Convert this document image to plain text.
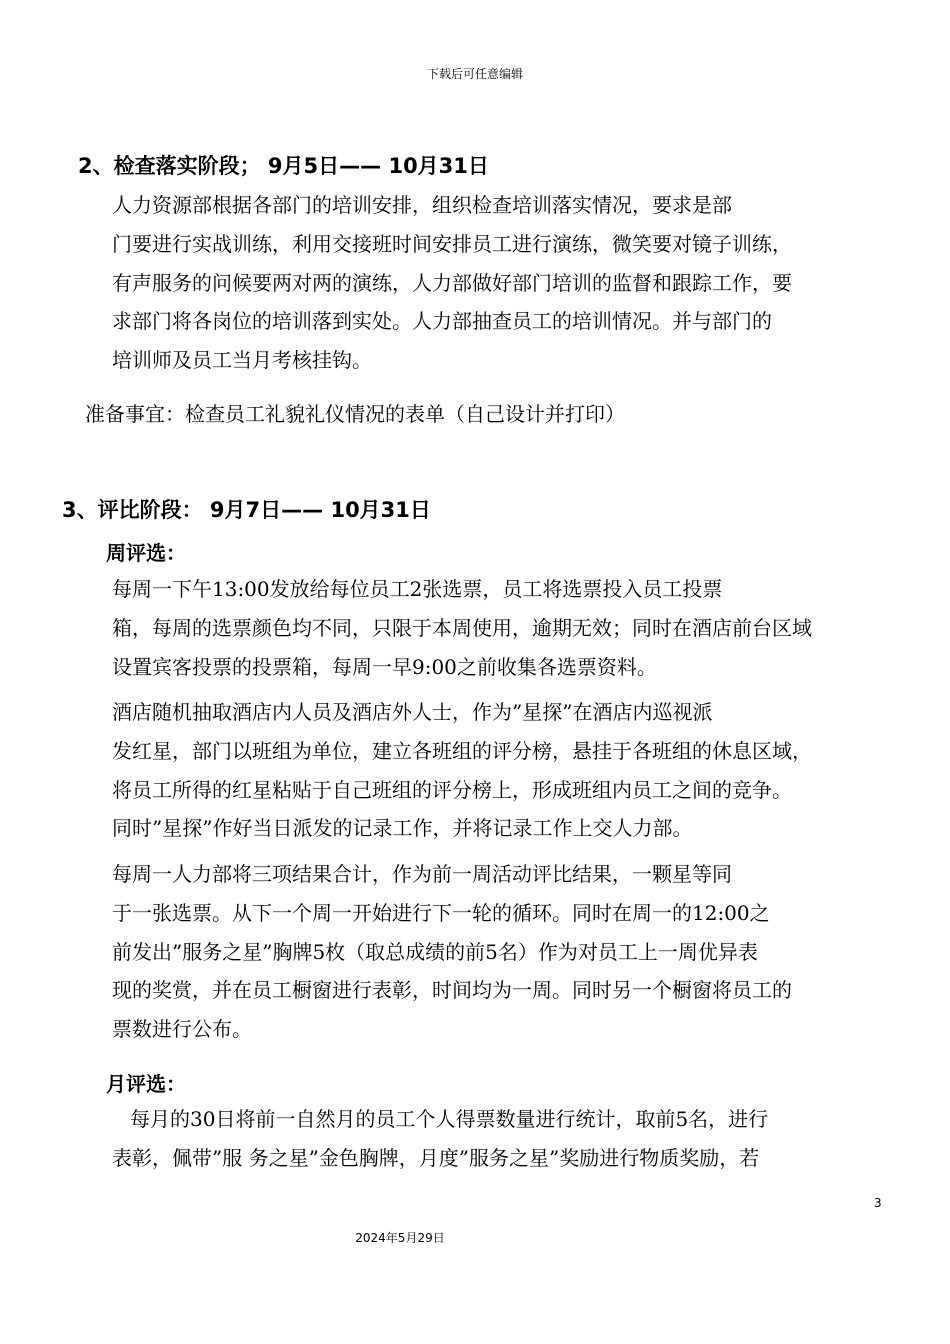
下载后可任意编辑
2、检查落实阶段； 9月5日—— 10月31日
人力资源部根据各部门的培训安排，组织检查培训落实情况，要求是部
门要进行实战训练，利用交接班时间安排员工进行演练，微笑要对镜子训练，
有声服务的问候要两对两的演练，人力部做好部门培训的监督和跟踪工作，要
求部门将各岗位的培训落到实处。人力部抽查员工的培训情况。并与部门的
培训师及员工当月考核挂钩。
准备事宜：检查员工礼貌礼仪情况的表单（自己设计并打印）
3、评比阶段： 9月7日—— 10月31日
周评选：
每周一下午13:00发放给每位员工2张选票，员工将选票投入员工投票
箱，每周的选票颜色均不同，只限于本周使用，逾期无效；同时在酒店前台区域
设置宾客投票的投票箱，每周一早9:00之前收集各选票资料。
酒店随机抽取酒店内人员及酒店外人士，作为”星探”在酒店内巡视派
发红星，部门以班组为单位，建立各班组的评分榜，悬挂于各班组的休息区域，
将员工所得的红星粘贴于自己班组的评分榜上，形成班组内员工之间的竞争。
同时”星探”作好当日派发的记录工作，并将记录工作上交人力部。
每周一人力部将三项结果合计，作为前一周活动评比结果，一颗星等同
于一张选票。从下一个周一开始进行下一轮的循环。同时在周一的12:00之
前发出”服务之星”胸牌5枚（取总成绩的前5名）作为对员工上一周优异表
现的奖赏，并在员工橱窗进行表彰，时间均为一周。同时另一个橱窗将员工的
票数进行公布。
月评选：
每月的30日将前一自然月的员工个人得票数量进行统计，取前5名，进行
表彰，佩带”服 务之星”金色胸牌，月度”服务之星”奖励进行物质奖励，若
3
2024年5月29日
